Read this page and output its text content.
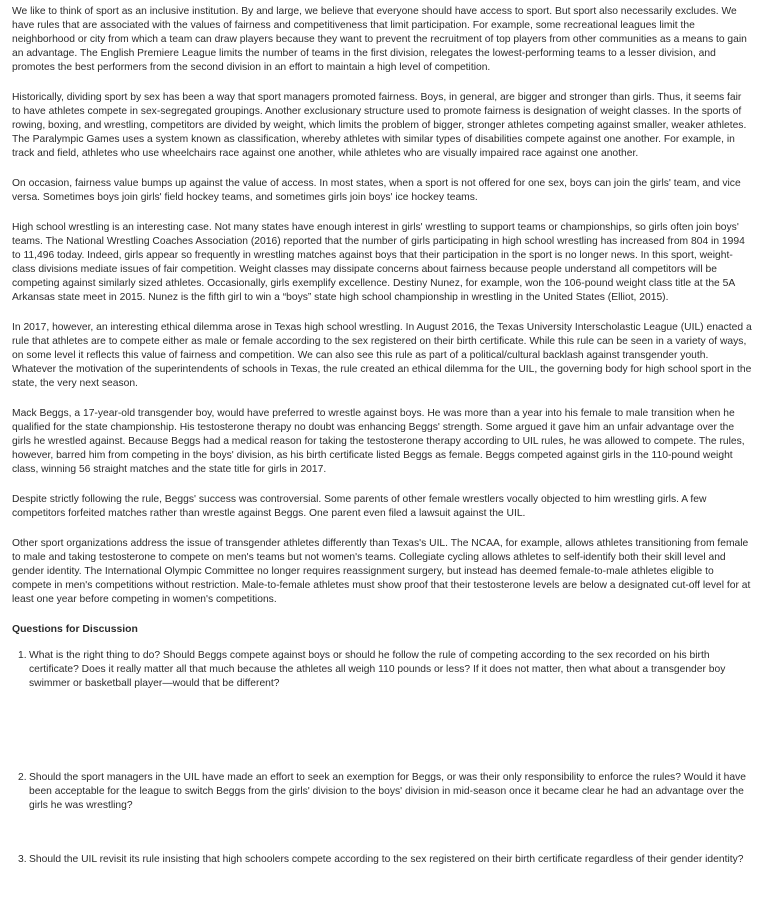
We like to think of sport as an inclusive institution. By and large, we believe that everyone should have access to sport. But sport also necessarily excludes. We have rules that are associated with the values of fairness and competitiveness that limit participation. For example, some recreational leagues limit the neighborhood or city from which a team can draw players because they want to prevent the recruitment of top players from other communities as a means to gain an advantage. The English Premiere League limits the number of teams in the first division, relegates the lowest-performing teams to a lesser division, and promotes the best performers from the second division in an effort to maintain a high level of competition.

Historically, dividing sport by sex has been a way that sport managers promoted fairness. Boys, in general, are bigger and stronger than girls. Thus, it seems fair to have athletes compete in sex-segregated groupings. Another exclusionary structure used to promote fairness is designation of weight classes. In the sports of rowing, boxing, and wrestling, competitors are divided by weight, which limits the problem of bigger, stronger athletes competing against smaller, weaker athletes. The Paralympic Games uses a system known as classification, whereby athletes with similar types of disabilities compete against one another. For example, in track and field, athletes who use wheelchairs race against one another, while athletes who are visually impaired race against one another.

On occasion, fairness value bumps up against the value of access. In most states, when a sport is not offered for one sex, boys can join the girls' team, and vice versa. Sometimes boys join girls' field hockey teams, and sometimes girls join boys' ice hockey teams.

High school wrestling is an interesting case. Not many states have enough interest in girls' wrestling to support teams or championships, so girls often join boys' teams. The National Wrestling Coaches Association (2016) reported that the number of girls participating in high school wrestling has increased from 804 in 1994 to 11,496 today. Indeed, girls appear so frequently in wrestling matches against boys that their participation in the sport is no longer news. In this sport, weight-class divisions mediate issues of fair competition. Weight classes may dissipate concerns about fairness because people understand all competitors will be competing against similarly sized athletes. Occasionally, girls exemplify excellence. Destiny Nunez, for example, won the 106-pound weight class title at the 5A Arkansas state meet in 2015. Nunez is the fifth girl to win a “boys” state high school championship in wrestling in the United States (Elliot, 2015).

In 2017, however, an interesting ethical dilemma arose in Texas high school wrestling. In August 2016, the Texas University Interscholastic League (UIL) enacted a rule that athletes are to compete either as male or female according to the sex registered on their birth certificate. While this rule can be seen in a variety of ways, on some level it reflects this value of fairness and competition. We can also see this rule as part of a political/cultural backlash against transgender youth. Whatever the motivation of the superintendents of schools in Texas, the rule created an ethical dilemma for the UIL, the governing body for high school sport in the state, the very next season.

Mack Beggs, a 17-year-old transgender boy, would have preferred to wrestle against boys. He was more than a year into his female to male transition when he qualified for the state championship. His testosterone therapy no doubt was enhancing Beggs' strength. Some argued it gave him an unfair advantage over the girls he wrestled against. Because Beggs had a medical reason for taking the testosterone therapy according to UIL rules, he was allowed to compete. The rules, however, barred him from competing in the boys' division, as his birth certificate listed Beggs as female. Beggs competed against girls in the 110-pound weight class, winning 56 straight matches and the state title for girls in 2017.

Despite strictly following the rule, Beggs' success was controversial. Some parents of other female wrestlers vocally objected to him wrestling girls. A few competitors forfeited matches rather than wrestle against Beggs. One parent even filed a lawsuit against the UIL.

Other sport organizations address the issue of transgender athletes differently than Texas's UIL. The NCAA, for example, allows athletes transitioning from female to male and taking testosterone to compete on men's teams but not women's teams. Collegiate cycling allows athletes to self-identify both their skill level and gender identity. The International Olympic Committee no longer requires reassignment surgery, but instead has deemed female-to-male athletes eligible to compete in men's competitions without restriction. Male-to-female athletes must show proof that their testosterone levels are below a designated cut-off level for at least one year before competing in women's competitions.

Questions for Discussion
1. What is the right thing to do? Should Beggs compete against boys or should he follow the rule of competing according to the sex recorded on his birth certificate? Does it really matter all that much because the athletes all weigh 110 pounds or less? If it does not matter, then what about a transgender boy swimmer or basketball player—would that be different?
2. Should the sport managers in the UIL have made an effort to seek an exemption for Beggs, or was their only responsibility to enforce the rules? Would it have been acceptable for the league to switch Beggs from the girls' division to the boys' division in mid-season once it became clear he had an advantage over the girls he was wrestling?
3. Should the UIL revisit its rule insisting that high schoolers compete according to the sex registered on their birth certificate regardless of their gender identity?
